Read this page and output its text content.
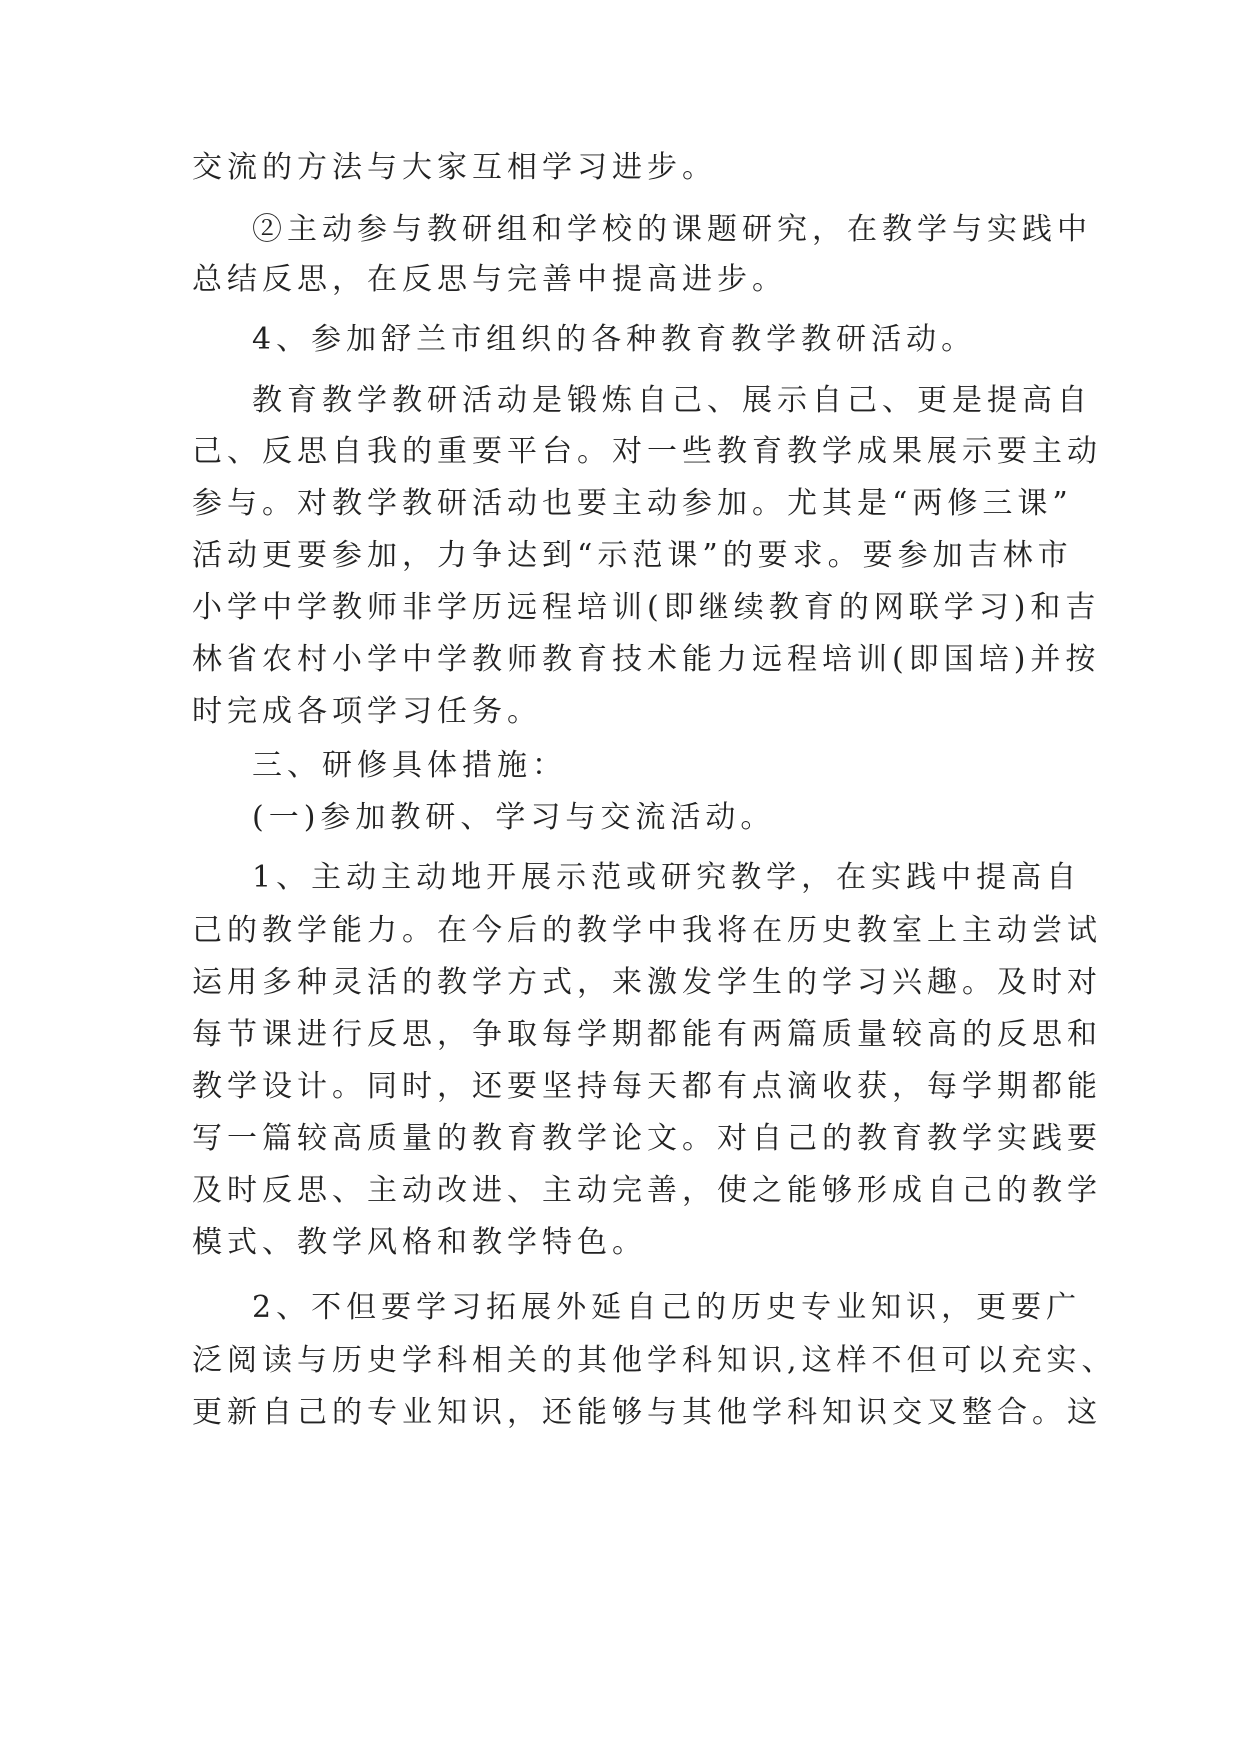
交流的方法与大家互相学习进步。
②主动参与教研组和学校的课题研究，在教学与实践中
总结反思，在反思与完善中提高进步。
4、参加舒兰市组织的各种教育教学教研活动。
教育教学教研活动是锻炼自己、展示自己、更是提高自
己、反思自我的重要平台。对一些教育教学成果展示要主动
参与。对教学教研活动也要主动参加。尤其是“两修三课”
活动更要参加，力争达到“示范课”的要求。要参加吉林市
小学中学教师非学历远程培训(即继续教育的网联学习)和吉
林省农村小学中学教师教育技术能力远程培训(即国培)并按
时完成各项学习任务。
三、研修具体措施：
(一)参加教研、学习与交流活动。
1、主动主动地开展示范或研究教学，在实践中提高自
己的教学能力。在今后的教学中我将在历史教室上主动尝试
运用多种灵活的教学方式，来激发学生的学习兴趣。及时对
每节课进行反思，争取每学期都能有两篇质量较高的反思和
教学设计。同时，还要坚持每天都有点滴收获，每学期都能
写一篇较高质量的教育教学论文。对自己的教育教学实践要
及时反思、主动改进、主动完善，使之能够形成自己的教学
模式、教学风格和教学特色。
2、不但要学习拓展外延自己的历史专业知识，更要广
泛阅读与历史学科相关的其他学科知识,这样不但可以充实、
更新自己的专业知识，还能够与其他学科知识交叉整合。这
